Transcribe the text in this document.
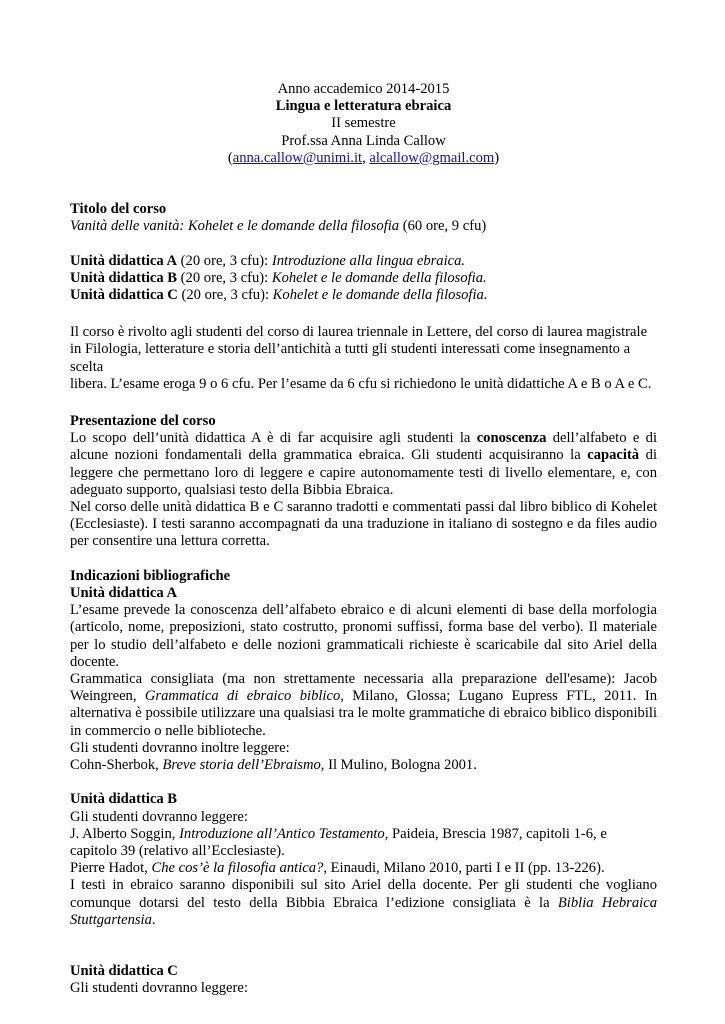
Anno accademico 2014-2015
Lingua e letteratura ebraica
II semestre
Prof.ssa Anna Linda Callow
(anna.callow@unimi.it, alcallow@gmail.com)

Titolo del corso

Vanità delle vanità: Kohelet e le domande della filosofia (60 ore, 9 cfu)

Unità didattica A (20 ore, 3 cfu): Introduzione alla lingua ebraica.

Unità didattica B (20 ore, 3 cfu): Kohelet e le domande della filosofia.

Unità didattica C (20 ore, 3 cfu): Kohelet e le domande della filosofia.

Il corso è rivolto agli studenti del corso di laurea triennale in Lettere, del corso di laurea magistrale
in Filologia, letterature e storia dell’antichità a tutti gli studenti interessati come insegnamento a scelta
libera. L’esame eroga 9 o 6 cfu. Per l’esame da 6 cfu si richiedono le unità didattiche A e B o A e C.

Presentazione del corso

Lo scopo dell’unità didattica A è di far acquisire agli studenti la conoscenza dell’alfabeto e di alcune nozioni fondamentali della grammatica ebraica. Gli studenti acquisiranno la capacità di leggere che permettano loro di leggere e capire autonomamente testi di livello elementare, e, con adeguato supporto, qualsiasi testo della Bibbia Ebraica.

Nel corso delle unità didattica B e C saranno tradotti e commentati passi dal libro biblico di Kohelet (Ecclesiaste). I testi saranno accompagnati da una traduzione in italiano di sostegno e da files audio per consentire una lettura corretta.

Indicazioni bibliografiche

Unità didattica A

L’esame prevede la conoscenza dell’alfabeto ebraico e di alcuni elementi di base della morfologia (articolo, nome, preposizioni, stato costrutto, pronomi suffissi, forma base del verbo). Il materiale per lo studio dell’alfabeto e delle nozioni grammaticali richieste è scaricabile dal sito Ariel della docente.

Grammatica consigliata (ma non strettamente necessaria alla preparazione dell'esame): Jacob Weingreen, Grammatica di ebraico biblico, Milano, Glossa; Lugano Eupress FTL, 2011. In alternativa è possibile utilizzare una qualsiasi tra le molte grammatiche di ebraico biblico disponibili in commercio o nelle biblioteche.

Gli studenti dovranno inoltre leggere:

Cohn-Sherbok, Breve storia dell’Ebraismo, Il Mulino, Bologna 2001.

Unità didattica B

Gli studenti dovranno leggere:

J. Alberto Soggin, Introduzione all’Antico Testamento, Paideia, Brescia 1987, capitoli 1-6, e capitolo 39 (relativo all’Ecclesiaste).

Pierre Hadot, Che cos’è la filosofia antica?, Einaudi, Milano 2010, parti I e II (pp. 13-226).

I testi in ebraico saranno disponibili sul sito Ariel della docente. Per gli studenti che vogliano comunque dotarsi del testo della Bibbia Ebraica l’edizione consigliata è la Biblia Hebraica Stuttgartensia.

Unità didattica C

Gli studenti dovranno leggere:
